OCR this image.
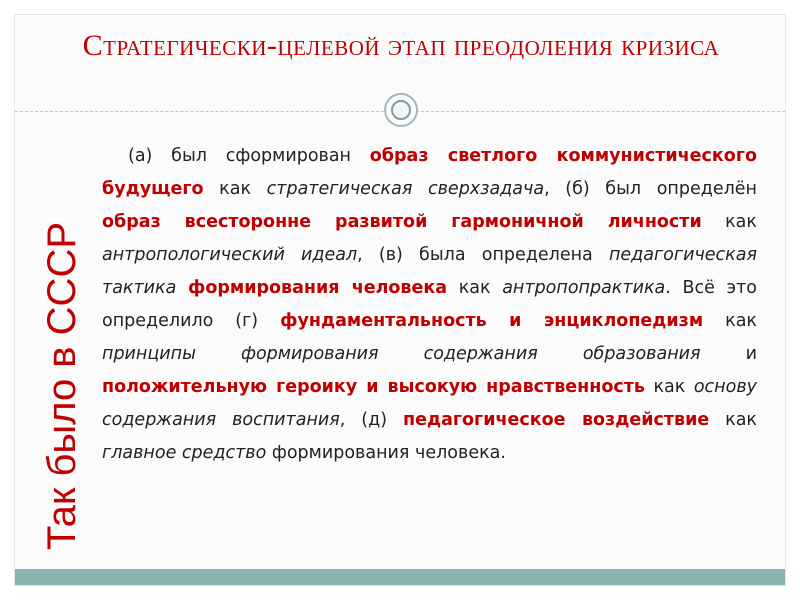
Стратегически-целевой этап преодоления кризиса
Так было в СССР

(а) был сформирован образ светлого коммунистического будущего как стратегическая сверхзадача, (б) был определён образ всесторонне развитой гармоничной личности как антропологический идеал, (в) была определена педагогическая тактика формирования человека как антропопрактика. Всё это определило (г) фундаментальность и энциклопедизм как принципы формирования содержания образования и положительную героику и высокую нравственность как основу содержания воспитания, (д) педагогическое воздействие как главное средство формирования человека.
